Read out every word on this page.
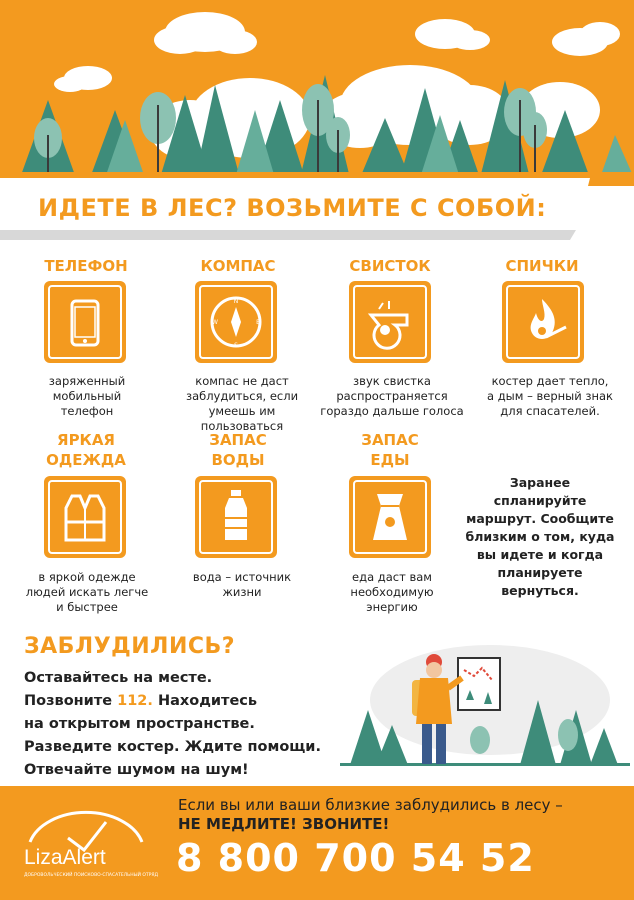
ИДЕТЕ В ЛЕС? ВОЗЬМИТЕ С СОБОЙ:
ТЕЛЕФОН
заряженный
мобильный
телефон
КОМПАС
N
S
W	E
компас не даст
заблудиться, если
умеешь им пользоваться
СВИСТОК
звук свистка
распространяется
гораздо дальше голоса
СПИЧКИ
костер дает тепло,
а дым – верный знак
для спасателей.
ЯРКАЯ
ОДЕЖДА
в яркой одежде
людей искать легче
и быстрее
ЗАПАС
ВОДЫ
вода – источник
жизни
ЗАПАС
ЕДЫ
еда даст вам
необходимую
энергию
Заранее
спланируйте
маршрут. Сообщите
близким о том, куда
вы идете и когда
планируете
вернуться.
ЗАБЛУДИЛИСЬ?
Оставайтесь на месте.
Позвоните 112. Находитесь
на открытом пространстве.
Разведите костер. Ждите помощи.
Отвечайте шумом на шум!
LizaAlert
ДОБРОВОЛЬЧЕСКИЙ ПОИСКОВО-СПАСАТЕЛЬНЫЙ ОТРЯД
Если вы или ваши близкие заблудились в лесу –
НЕ МЕДЛИТЕ! ЗВОНИТЕ!
8 800 700 54 52
